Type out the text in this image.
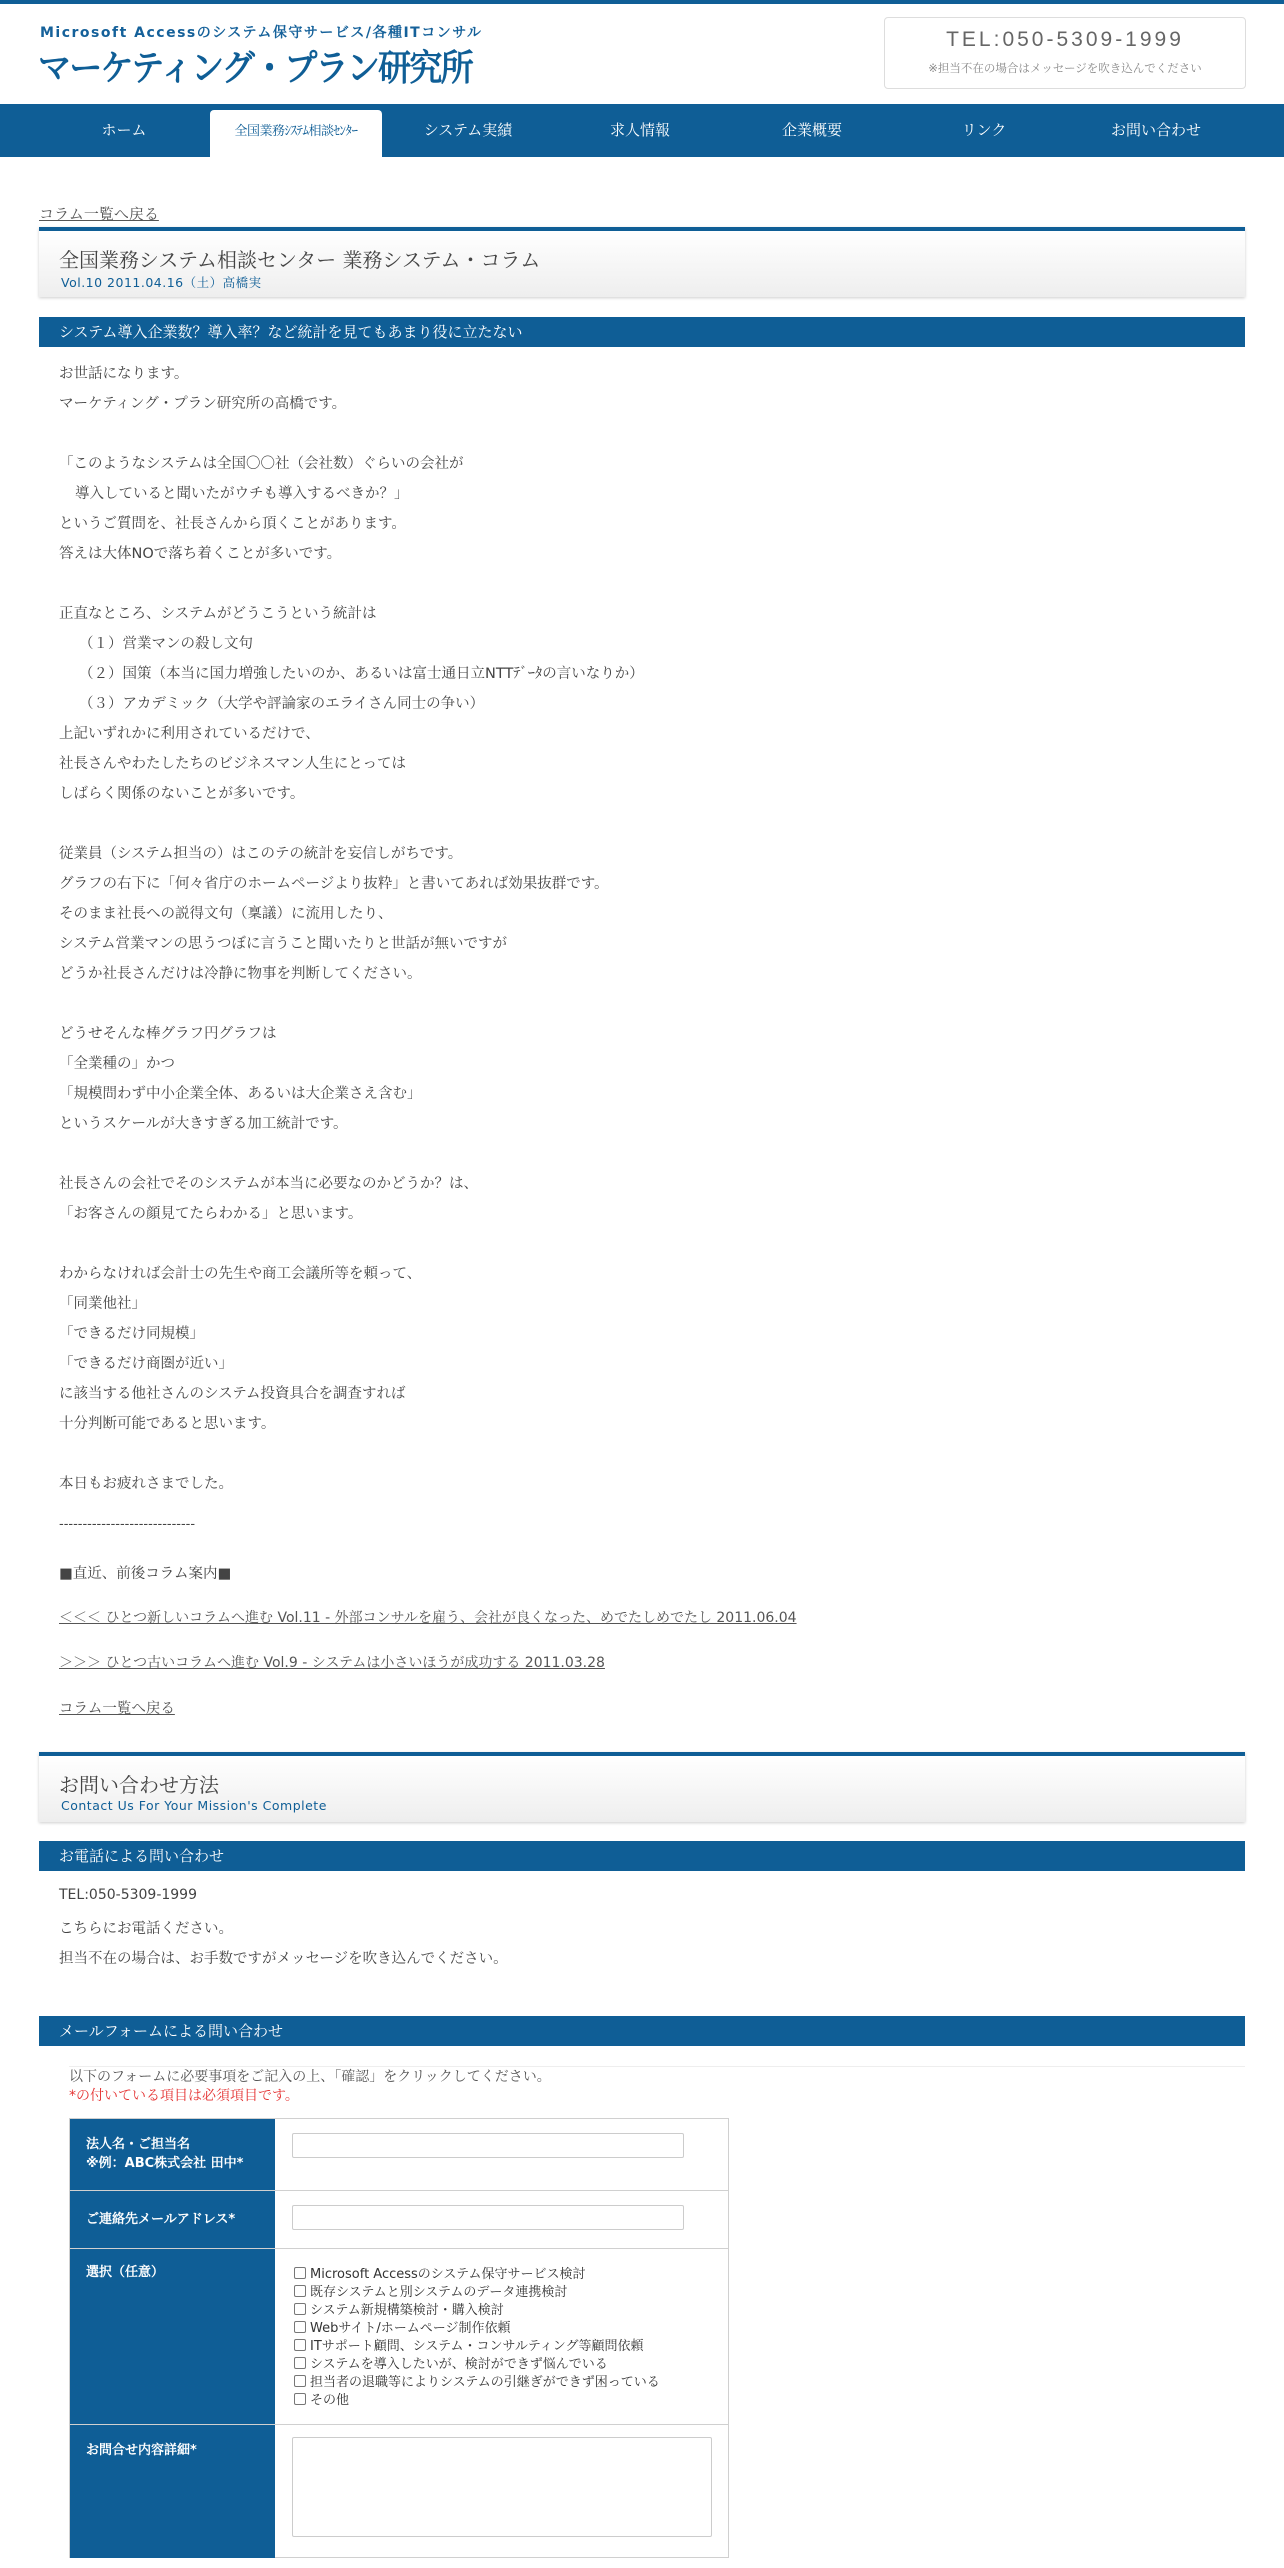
Microsoft Accessのシステム保守サービス/各種ITコンサル
マーケティング・プラン研究所
TEL:050-5309-1999
※担当不在の場合はメッセージを吹き込んでください
ホーム	全国業務ｼｽﾃﾑ相談ｾﾝﾀｰ	システム実績	求人情報	企業概要	リンク	お問い合わせ
コラム一覧へ戻る
全国業務システム相談センター 業務システム・コラム
Vol.10 2011.04.16（土）高橋実
システム導入企業数？導入率？など統計を見てもあまり役に立たない
お世話になります。
マーケティング・プラン研究所の高橋です。
「このようなシステムは全国〇〇社（会社数）ぐらいの会社が
導入していると聞いたがウチも導入するべきか？」
というご質問を、社長さんから頂くことがあります。
答えは大体NOで落ち着くことが多いです。
正直なところ、システムがどうこうという統計は
（１）営業マンの殺し文句
（２）国策（本当に国力増強したいのか、あるいは富士通日立NTTﾃﾞｰﾀの言いなりか）
（３）アカデミック（大学や評論家のエライさん同士の争い）
上記いずれかに利用されているだけで、
社長さんやわたしたちのビジネスマン人生にとっては
しばらく関係のないことが多いです。
従業員（システム担当の）はこのテの統計を妄信しがちです。
グラフの右下に「何々省庁のホームページより抜粋」と書いてあれば効果抜群です。
そのまま社長への説得文句（稟議）に流用したり、
システム営業マンの思うつぼに言うこと聞いたりと世話が無いですが
どうか社長さんだけは冷静に物事を判断してください。
どうせそんな棒グラフ円グラフは
「全業種の」かつ
「規模問わず中小企業全体、あるいは大企業さえ含む」
というスケールが大きすぎる加工統計です。
社長さんの会社でそのシステムが本当に必要なのかどうか？は、
「お客さんの顔見てたらわかる」と思います。
わからなければ会計士の先生や商工会議所等を頼って、
「同業他社」
「できるだけ同規模」
「できるだけ商圏が近い」
に該当する他社さんのシステム投資具合を調査すれば
十分判断可能であると思います。
本日もお疲れさまでした。
-----------------------------
■直近、前後コラム案内■
＜＜＜ ひとつ新しいコラムへ進む Vol.11 - 外部コンサルを雇う、会社が良くなった、めでたしめでたし 2011.06.04
＞＞＞ ひとつ古いコラムへ進む Vol.9 - システムは小さいほうが成功する 2011.03.28
コラム一覧へ戻る
お問い合わせ方法
Contact Us For Your Mission's Complete
お電話による問い合わせ
TEL:050-5309-1999
こちらにお電話ください。
担当不在の場合は、お手数ですがメッセージを吹き込んでください。
メールフォームによる問い合わせ
以下のフォームに必要事項をご記入の上、「確認」をクリックしてください。
*の付いている項目は必須項目です。
法人名・ご担当名
※例：ABC株式会社 田中*
ご連絡先メールアドレス*
選択（任意）	Microsoft Accessのシステム保守サービス検討
既存システムと別システムのデータ連携検討
システム新規構築検討・購入検討
Webサイト/ホームページ制作依頼
ITサポート顧問、システム・コンサルティング等顧問依頼
システムを導入したいが、検討ができず悩んでいる
担当者の退職等によりシステムの引継ぎができず困っている
その他
お問合せ内容詳細*
